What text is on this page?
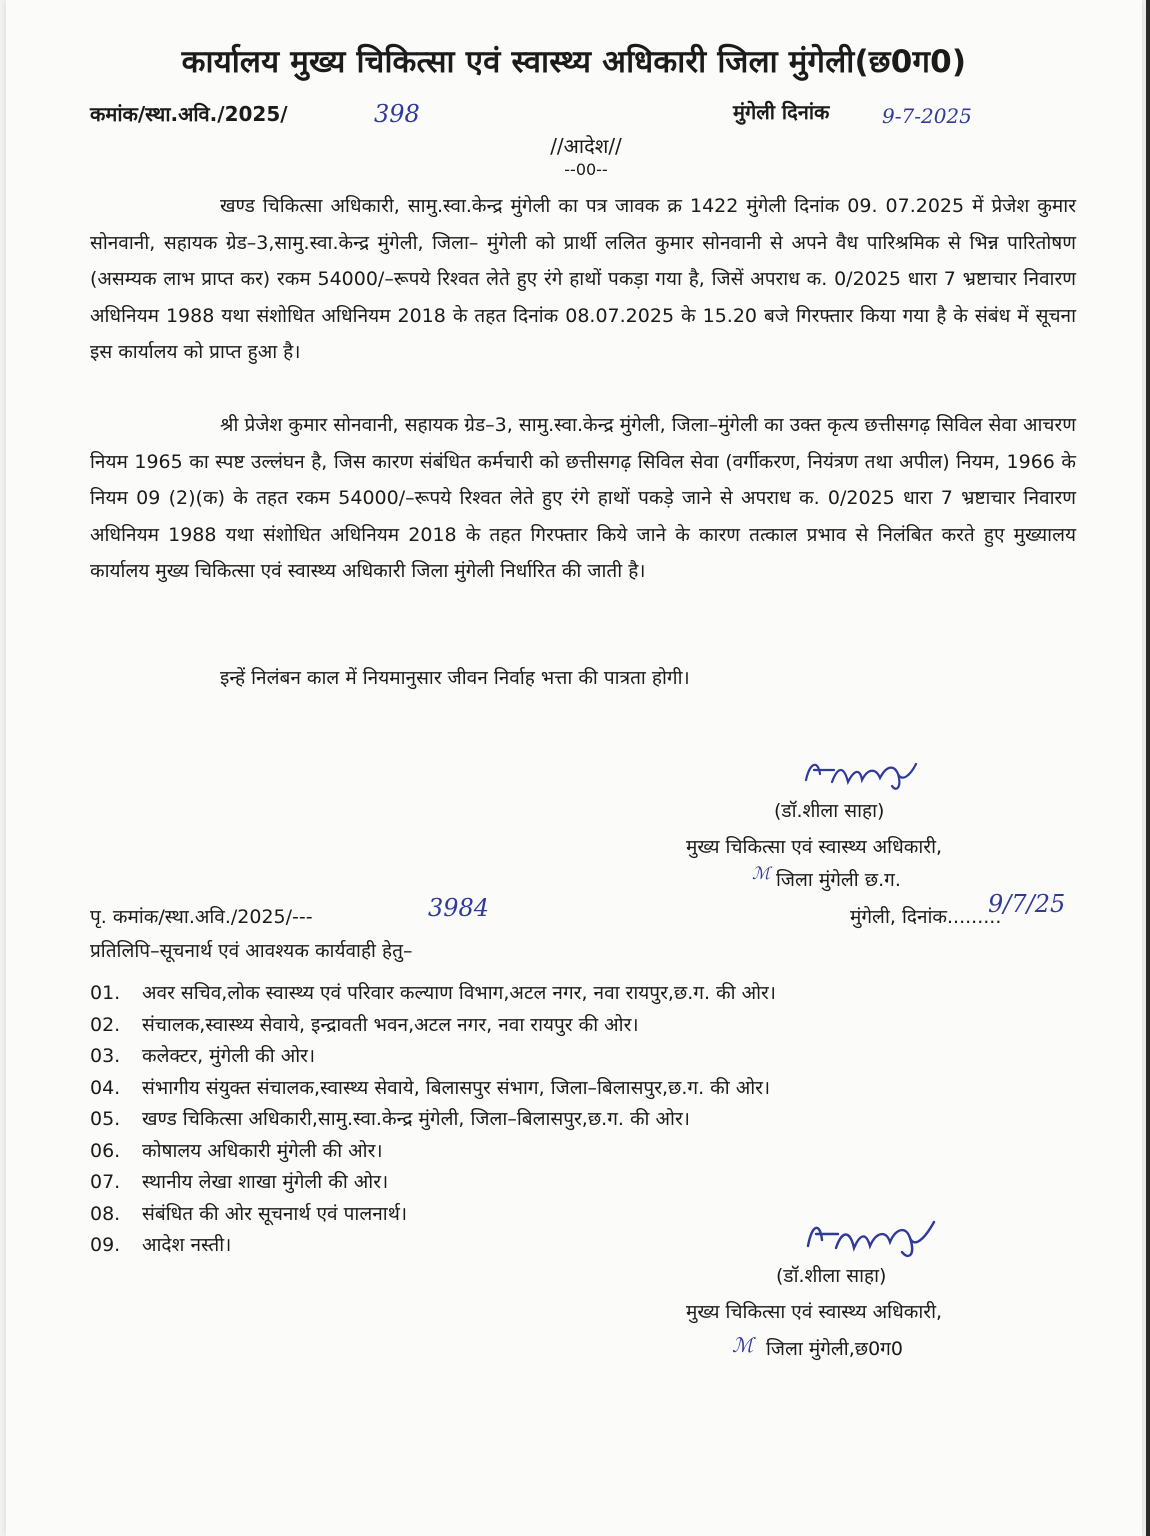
कार्यालय मुख्य चिकित्सा एवं स्वास्थ्य अधिकारी जिला मुंगेली(छ0ग0)
कमांक/स्था.अवि./2025/	398	मुंगेली दिनांक	9-7-2025
//आदेश//
--00--
खण्ड चिकित्सा अधिकारी, सामु.स्वा.केन्द्र मुंगेली का पत्र जावक क्र 1422 मुंगेली दिनांक 09. 07.2025 में प्रेजेश कुमार सोनवानी, सहायक ग्रेड–3,सामु.स्वा.केन्द्र मुंगेली, जिला– मुंगेली को प्रार्थी ललित कुमार सोनवानी से अपने वैध पारिश्रमिक से भिन्न पारितोषण (असम्यक लाभ प्राप्त कर) रकम 54000/–रूपये रिश्वत लेते हुए रंगे हाथों पकड़ा गया है, जिसें अपराध क. 0/2025 धारा 7 भ्रष्टाचार निवारण अधिनियम 1988 यथा संशोधित अधिनियम 2018 के तहत दिनांक 08.07.2025 के 15.20 बजे गिरफ्तार किया गया है के संबंध में सूचना इस कार्यालय को प्राप्त हुआ है।
श्री प्रेजेश कुमार सोनवानी, सहायक ग्रेड–3, सामु.स्वा.केन्द्र मुंगेली, जिला–मुंगेली का उक्त कृत्य छत्तीसगढ़ सिविल सेवा आचरण नियम 1965 का स्पष्ट उल्लंघन है, जिस कारण संबंधित कर्मचारी को छत्तीसगढ़ सिविल सेवा (वर्गीकरण, नियंत्रण तथा अपील) नियम, 1966 के नियम 09 (2)(क) के तहत रकम 54000/–रूपये रिश्वत लेते हुए रंगे हाथों पकड़े जाने से अपराध क. 0/2025 धारा 7 भ्रष्टाचार निवारण अधिनियम 1988 यथा संशोधित अधिनियम 2018 के तहत गिरफ्तार किये जाने के कारण तत्काल प्रभाव से निलंबित करते हुए मुख्यालय कार्यालय मुख्य चिकित्सा एवं स्वास्थ्य अधिकारी जिला मुंगेली निर्धारित की जाती है।
इन्हें निलंबन काल में नियमानुसार जीवन निर्वाह भत्ता की पात्रता होगी।
(डॉ.शीला साहा)
मुख्य चिकित्सा एवं स्वास्थ्य अधिकारी,
ℳ जिला मुंगेली छ.ग.
पृ. कमांक/स्था.अवि./2025/---	3984	मुंगेली, दिनांक.........
9/7/25
प्रतिलिपि–सूचनार्थ एवं आवश्यक कार्यवाही हेतु–
01. अवर सचिव,लोक स्वास्थ्य एवं परिवार कल्याण विभाग,अटल नगर, नवा रायपुर,छ.ग. की ओर।
02. संचालक,स्वास्थ्य सेवाये, इन्द्रावती भवन,अटल नगर, नवा रायपुर की ओर।
03. कलेक्टर, मुंगेली की ओर।
04. संभागीय संयुक्त संचालक,स्वास्थ्य सेवाये, बिलासपुर संभाग, जिला–बिलासपुर,छ.ग. की ओर।
05. खण्ड चिकित्सा अधिकारी,सामु.स्वा.केन्द्र मुंगेली, जिला–बिलासपुर,छ.ग. की ओर।
06. कोषालय अधिकारी मुंगेली की ओर।
07. स्थानीय लेखा शाखा मुंगेली की ओर।
08. संबंधित की ओर सूचनार्थ एवं पालनार्थ।
09. आदेश नस्ती।
(डॉ.शीला साहा)
मुख्य चिकित्सा एवं स्वास्थ्य अधिकारी,
ℳ जिला मुंगेली,छ0ग0
